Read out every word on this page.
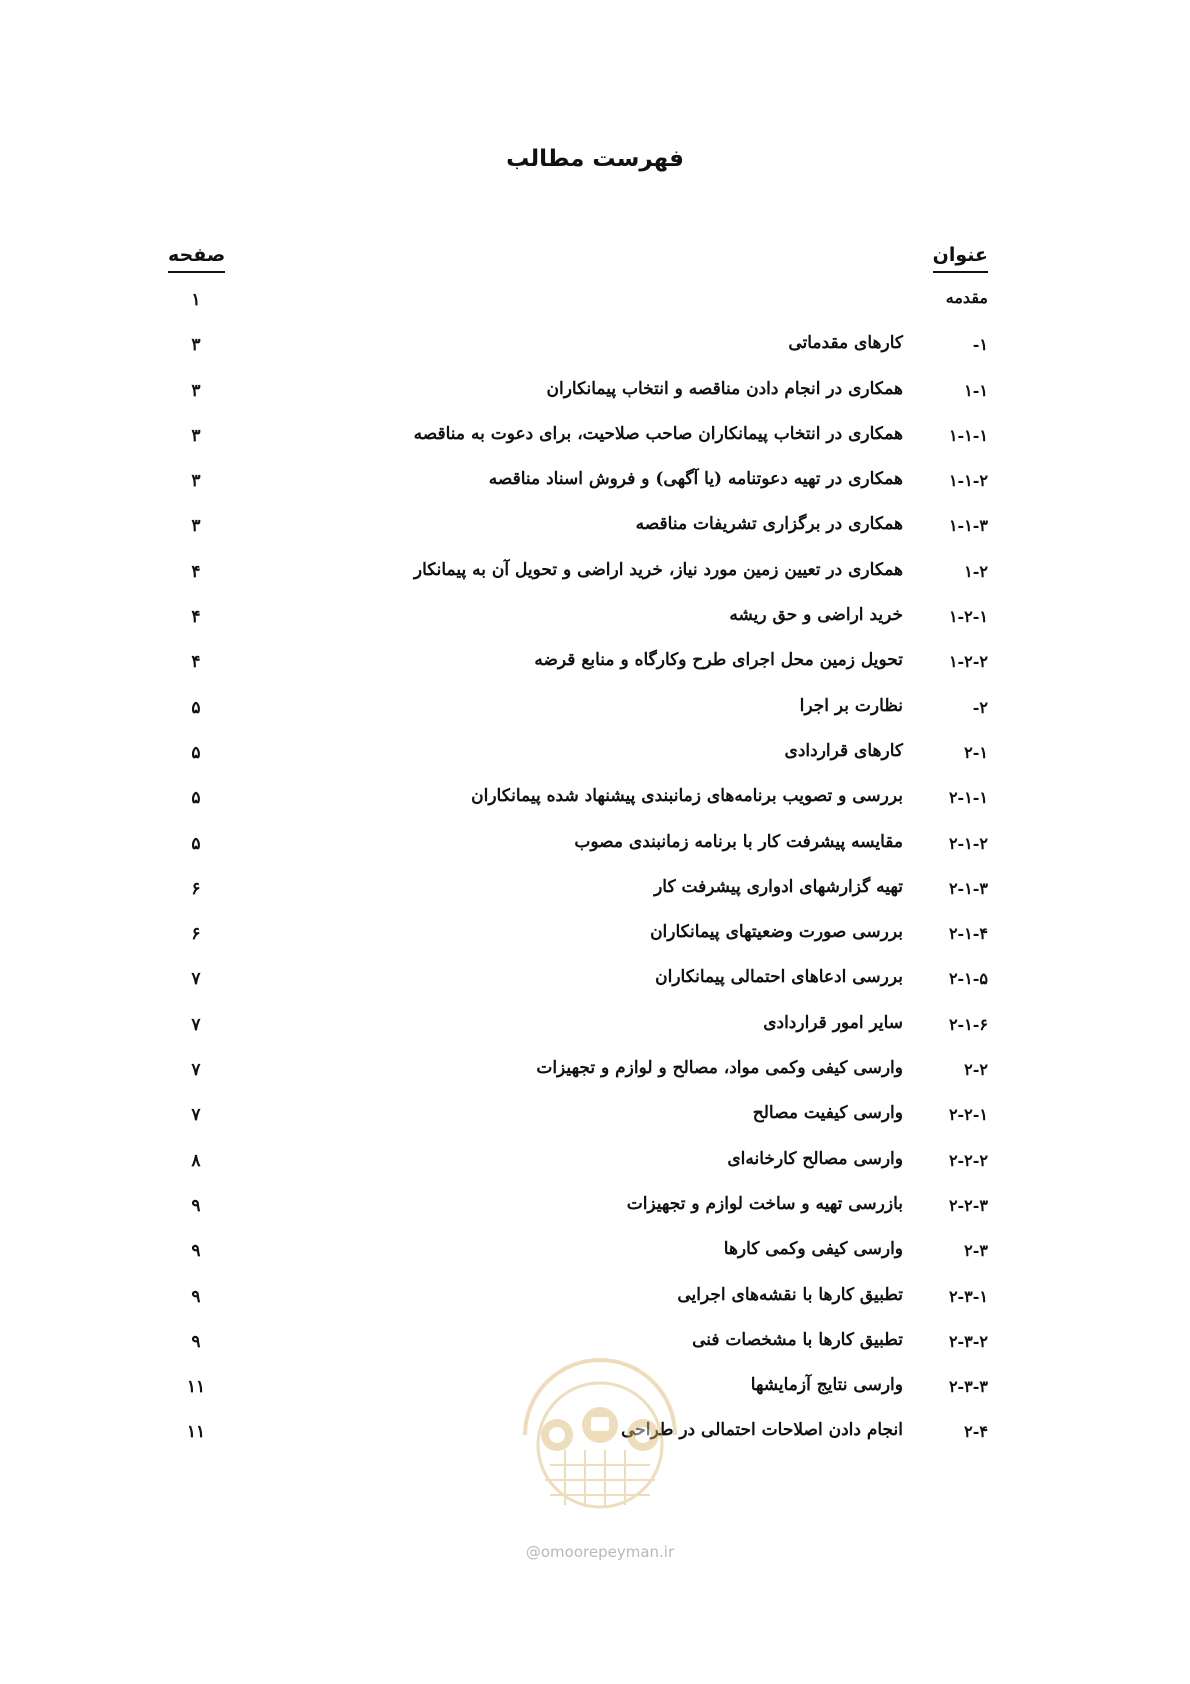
فهرست مطالب
عنوان
صفحه
مقدمه
۱
۱-
کارهای مقدماتی
۳
۱-۱
همکاری در انجام دادن مناقصه و انتخاب پیمانکاران
۳
۱-۱-۱
همکاری در انتخاب پیمانکاران صاحب صلاحیت، برای دعوت به مناقصه
۳
۱-۱-۲
همکاری در تهیه دعوتنامه (یا آگهی) و فروش اسناد مناقصه
۳
۱-۱-۳
همکاری در برگزاری تشریفات مناقصه
۳
۱-۲
همکاری در تعیین زمین مورد نیاز، خرید اراضی و تحویل آن به پیمانکار
۴
۱-۲-۱
خرید اراضی و حق ریشه
۴
۱-۲-۲
تحویل زمین محل اجرای طرح وکارگاه و منابع قرضه
۴
۲-
نظارت بر اجرا
۵
۲-۱
کارهای قراردادی
۵
۲-۱-۱
بررسی و تصویب برنامه‌های زمانبندی پیشنهاد شده پیمانکاران
۵
۲-۱-۲
مقایسه پیشرفت کار با برنامه زمانبندی مصوب
۵
۲-۱-۳
تهیه گزارشهای ادواری پیشرفت کار
۶
۲-۱-۴
بررسی صورت وضعیتهای پیمانکاران
۶
۲-۱-۵
بررسی ادعاهای احتمالی پیمانکاران
۷
۲-۱-۶
سایر امور قراردادی
۷
۲-۲
وارسی کیفی وکمی مواد، مصالح و لوازم و تجهیزات
۷
۲-۲-۱
وارسی کیفیت مصالح
۷
۲-۲-۲
وارسی مصالح کارخانه‌ای
۸
۲-۲-۳
بازرسی تهیه و ساخت لوازم و تجهیزات
۹
۲-۳
وارسی کیفی وکمی کارها
۹
۲-۳-۱
تطبیق کارها با نقشه‌های اجرایی
۹
۲-۳-۲
تطبیق کارها با مشخصات فنی
۹
۲-۳-۳
وارسی نتایج آزمایشها
۱۱
۲-۴
انجام دادن اصلاحات احتمالی در طراحی
۱۱
@omoorepeyman.ir
